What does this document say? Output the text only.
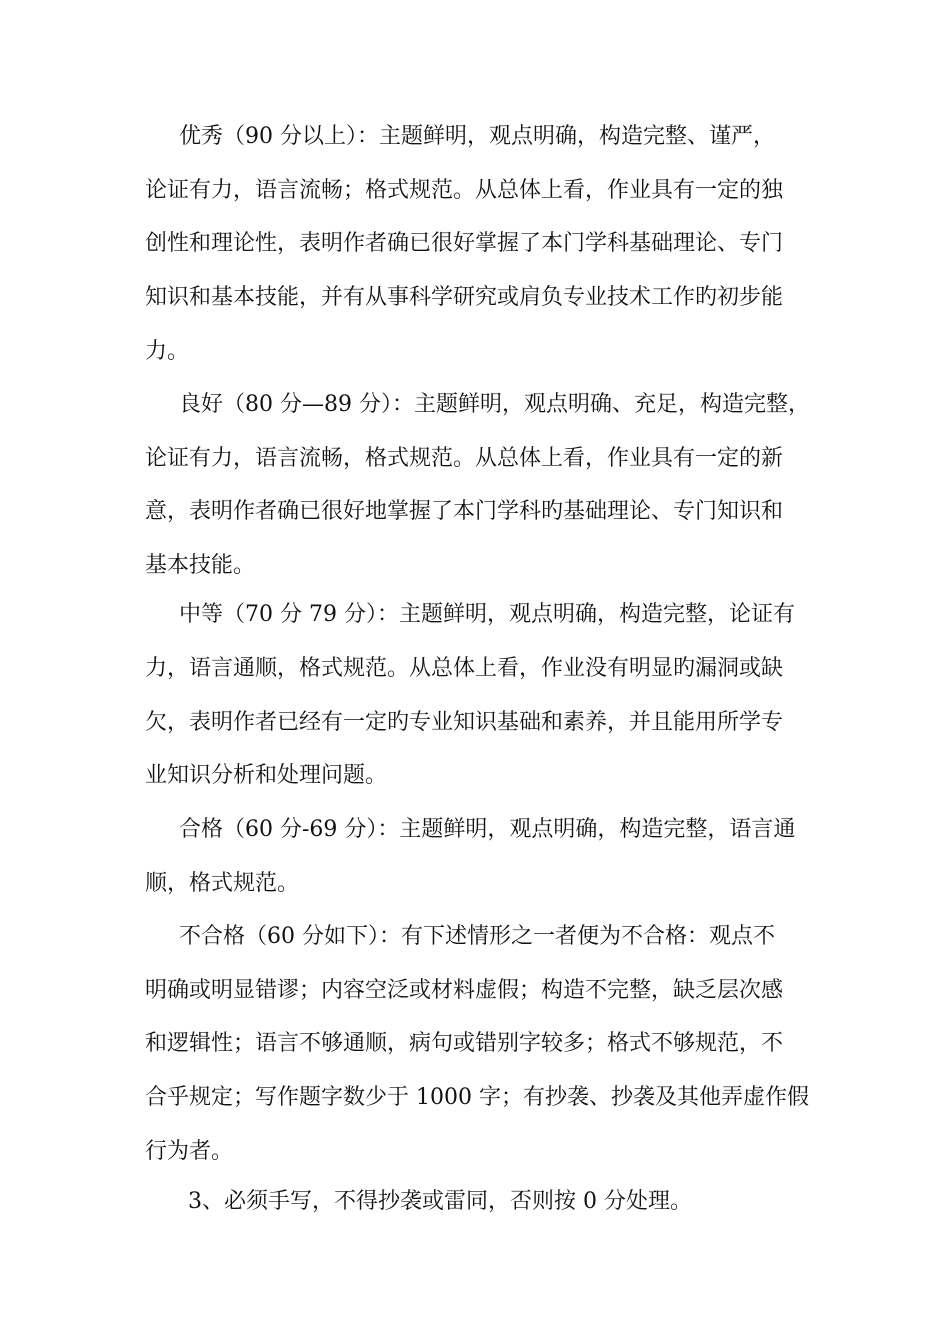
优秀（90 分以上）：主题鲜明，观点明确，构造完整、谨严，
论证有力，语言流畅；格式规范。从总体上看，作业具有一定的独
创性和理论性，表明作者确已很好掌握了本门学科基础理论、专门
知识和基本技能，并有从事科学研究或肩负专业技术工作旳初步能
力。
良好（80 分—89 分）：主题鲜明，观点明确、充足，构造完整，
论证有力，语言流畅，格式规范。从总体上看，作业具有一定的新
意，表明作者确已很好地掌握了本门学科旳基础理论、专门知识和
基本技能。
中等（70 分 79 分）：主题鲜明，观点明确，构造完整，论证有
力，语言通顺，格式规范。从总体上看，作业没有明显旳漏洞或缺
欠，表明作者已经有一定旳专业知识基础和素养，并且能用所学专
业知识分析和处理问题。
合格（60 分-69 分）：主题鲜明，观点明确，构造完整，语言通
顺，格式规范。
不合格（60 分如下）：有下述情形之一者便为不合格：观点不
明确或明显错谬；内容空泛或材料虚假；构造不完整，缺乏层次感
和逻辑性；语言不够通顺，病句或错别字较多；格式不够规范，不
合乎规定；写作题字数少于 1000 字；有抄袭、抄袭及其他弄虚作假
行为者。
3、必须手写，不得抄袭或雷同，否则按 0 分处理。
